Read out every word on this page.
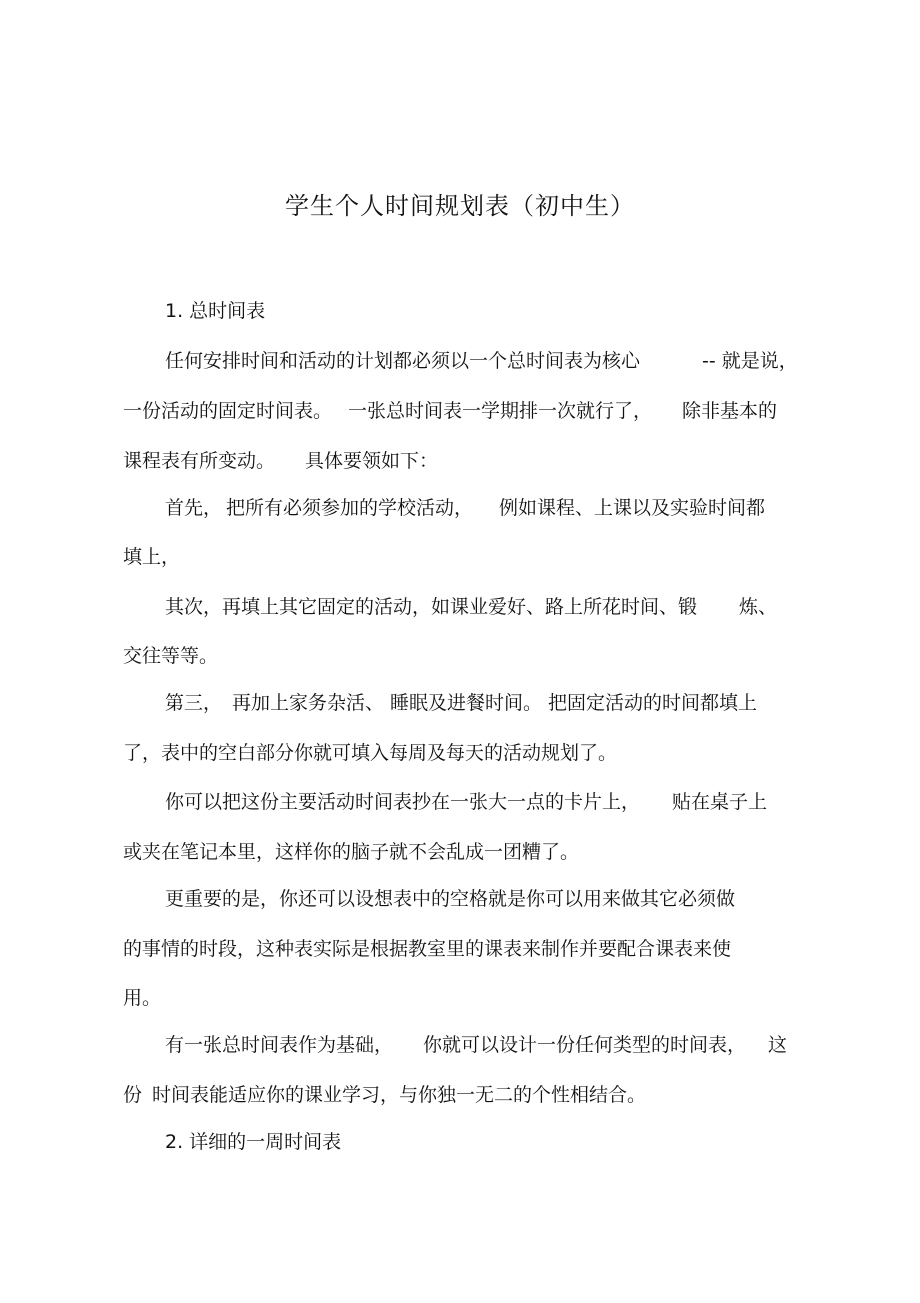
学生个人时间规划表（初中生）

1. 总时间表

任何安排时间和活动的计划都必须以一个总时间表为核心	-- 就是说，

一份活动的固定时间表。 一张总时间表一学期排一次就行了， 除非基本的

课程表有所变动。 具体要领如下：

首先， 把所有必须参加的学校活动， 例如课程、上课以及实验时间都

填上，

其次，再填上其它固定的活动，如课业爱好、路上所花时间、锻 炼、

交往等等。

第三， 再加上家务杂活、 睡眠及进餐时间。 把固定活动的时间都填上

了，表中的空白部分你就可填入每周及每天的活动规划了。

你可以把这份主要活动时间表抄在一张大一点的卡片上， 贴在桌子上

或夹在笔记本里，这样你的脑子就不会乱成一团糟了。

更重要的是，你还可以设想表中的空格就是你可以用来做其它必须做

的事情的时段，这种表实际是根据教室里的课表来制作并要配合课表来使

用。

有一张总时间表作为基础， 你就可以设计一份任何类型的时间表， 这

份 时间表能适应你的课业学习，与你独一无二的个性相结合。

2. 详细的一周时间表
